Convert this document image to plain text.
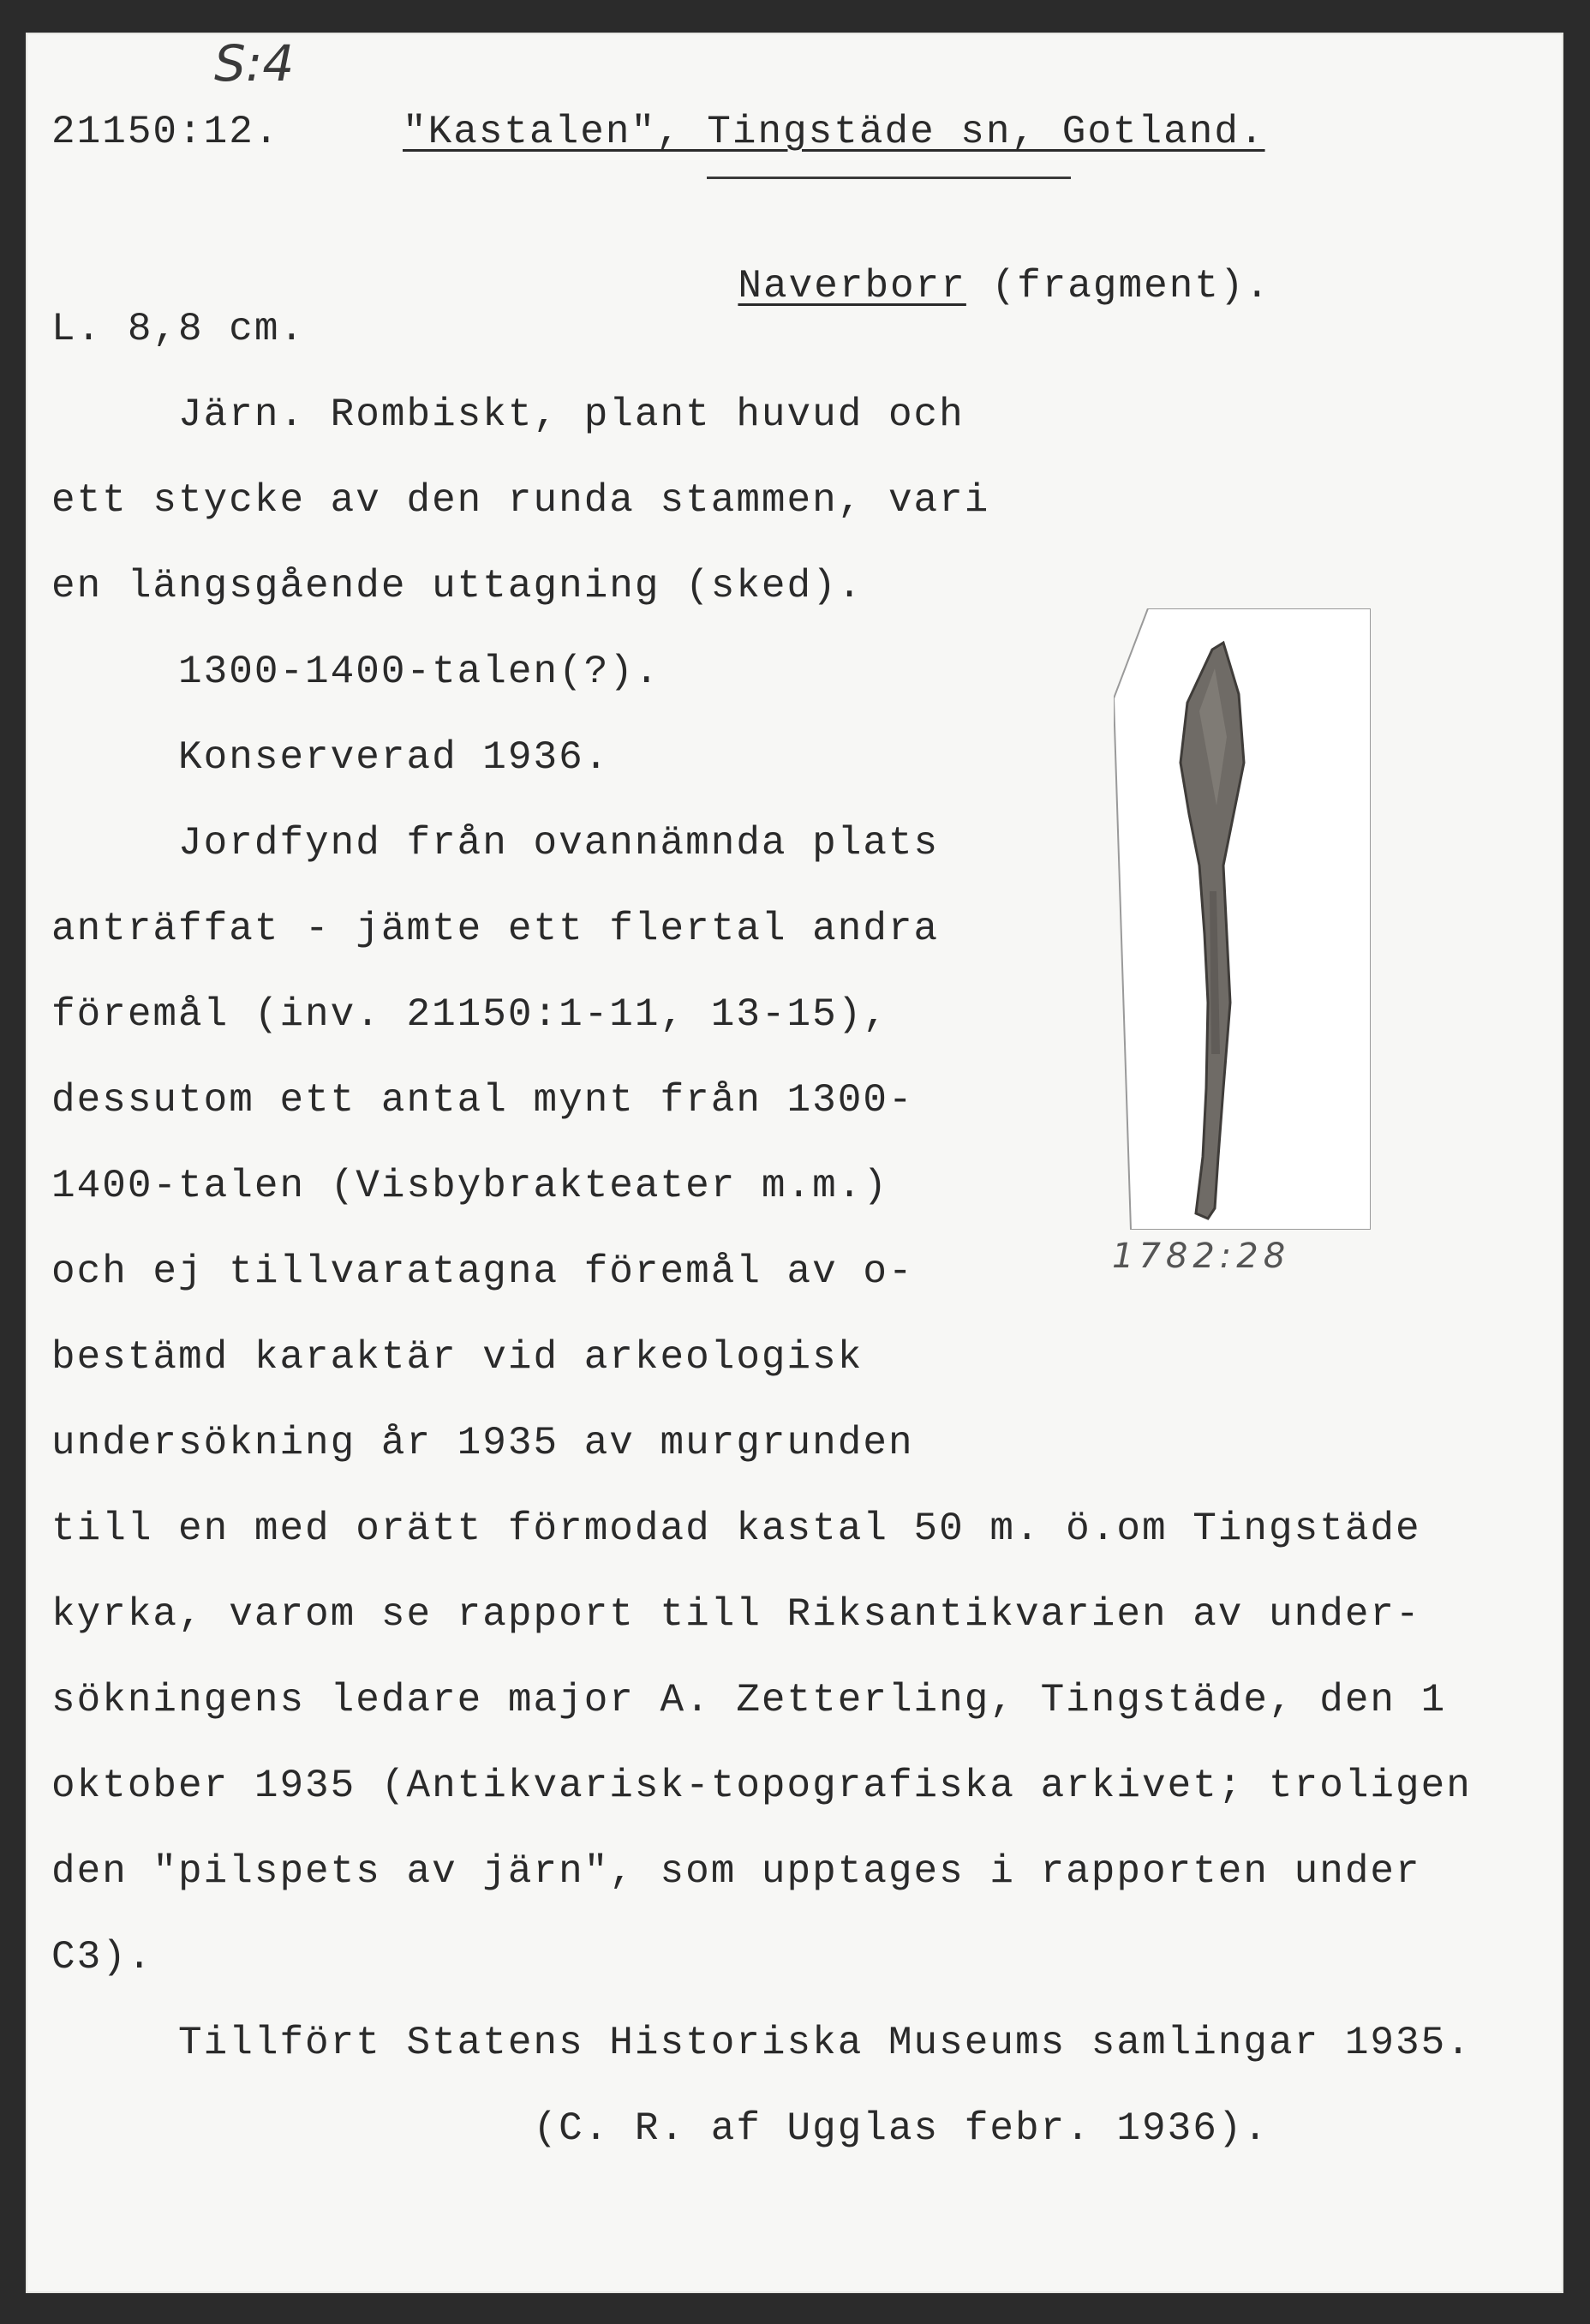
S:4
21150:12.	"Kastalen", Tingstäde sn, Gotland.

Naverborr (fragment).

L. 8,8 cm.
Järn. Rombiskt, plant huvud och
ett stycke av den runda stammen, vari
en längsgående uttagning (sked).
1300-1400-talen(?).
Konserverad 1936.
Jordfynd från ovannämnda plats
anträffat - jämte ett flertal andra
föremål (inv. 21150:1-11, 13-15),
dessutom ett antal mynt från 1300-
1400-talen (Visbybrakteater m.m.)
och ej tillvaratagna föremål av o-
bestämd karaktär vid arkeologisk
undersökning år 1935 av murgrunden
till en med orätt förmodad kastal 50 m. ö.om Tingstäde
kyrka, varom se rapport till Riksantikvarien av under-
sökningens ledare major A. Zetterling, Tingstäde, den 1
oktober 1935 (Antikvarisk-topografiska arkivet; troligen
den "pilspets av järn", som upptages i rapporten under
C3).
Tillfört Statens Historiska Museums samlingar 1935.
(C. R. af Ugglas febr. 1936).
1782:28
